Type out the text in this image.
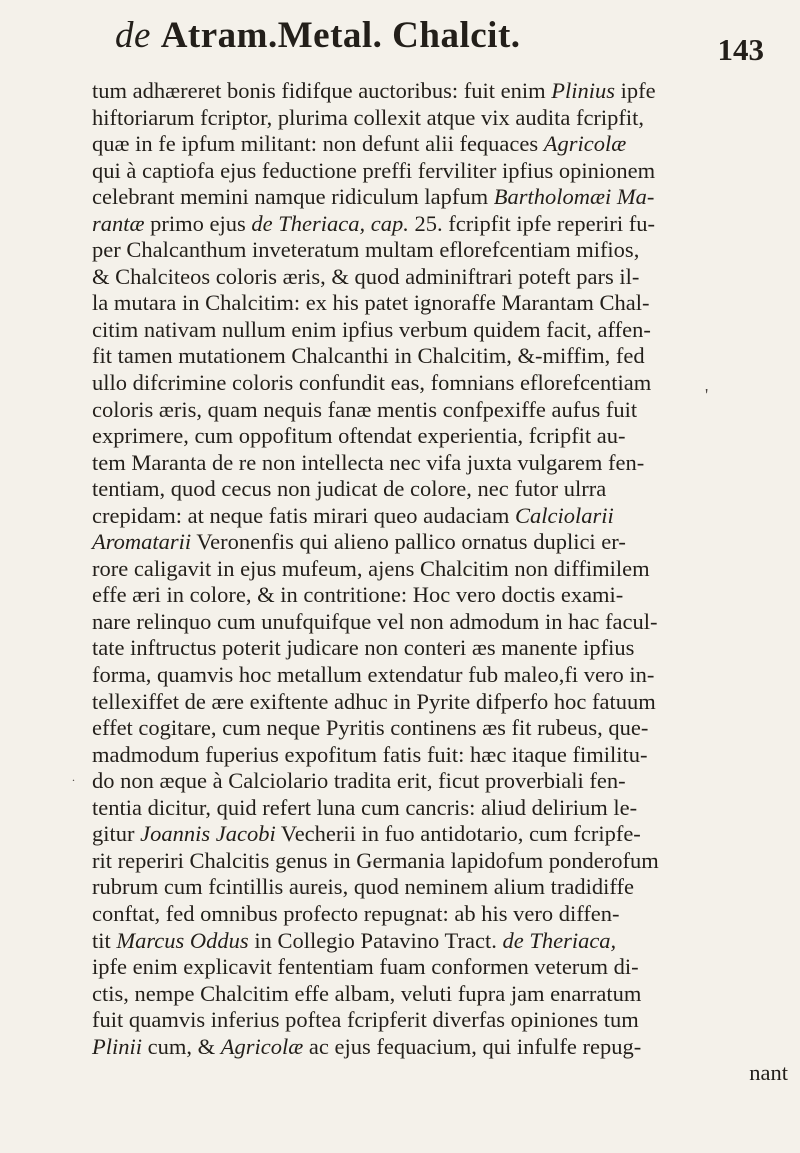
de Atram.Metal. Chalcit.	143
tum adhæreret bonis fidifque auctoribus: fuit enim Plinius ipfe
hiftoriarum fcriptor, plurima collexit atque vix audita fcripfit,
quæ in fe ipfum militant: non defunt alii fequaces Agricolæ
qui à captiofa ejus feductione preffi ferviliter ipfius opinionem
celebrant memini namque ridiculum lapfum Bartholomæi Ma-
rantæ primo ejus de Theriaca, cap. 25. fcripfit ipfe reperiri fu-
per Chalcanthum inveteratum multam eflorefcentiam mifios,
& Chalciteos coloris æris, & quod adminiftrari poteft pars il-
la mutara in Chalcitim: ex his patet ignoraffe Marantam Chal-
citim nativam nullum enim ipfius verbum quidem facit, affen-
fit tamen mutationem Chalcanthi in Chalcitim, &-miffim, fed
ullo difcrimine coloris confundit eas, fomnians eflorefcentiam
coloris æris, quam nequis fanæ mentis confpexiffe aufus fuit
exprimere, cum oppofitum oftendat experientia, fcripfit au-
tem Maranta de re non intellecta nec vifa juxta vulgarem fen-
tentiam, quod cecus non judicat de colore, nec futor ulrra
crepidam: at neque fatis mirari queo audaciam Calciolarii
Aromatarii Veronenfis qui alieno pallico ornatus duplici er-
rore caligavit in ejus mufeum, ajens Chalcitim non diffimilem
effe æri in colore, & in contritione: Hoc vero doctis exami-
nare relinquo cum unufquifque vel non admodum in hac facul-
tate inftructus poterit judicare non conteri æs manente ipfius
forma, quamvis hoc metallum extendatur fub maleo,fi vero in-
tellexiffet de ære exiftente adhuc in Pyrite difperfo hoc fatuum
effet cogitare, cum neque Pyritis continens æs fit rubeus, que-
madmodum fuperius expofitum fatis fuit: hæc itaque fimilitu-
do non æque à Calciolario tradita erit, ficut proverbiali fen-
tentia dicitur, quid refert luna cum cancris: aliud delirium le-
gitur Joannis Jacobi Vecherii in fuo antidotario, cum fcripfe-
rit reperiri Chalcitis genus in Germania lapidofum ponderofum
rubrum cum fcintillis aureis, quod neminem alium tradidiffe
conftat, fed omnibus profecto repugnat: ab his vero diffen-
tit Marcus Oddus in Collegio Patavino Tract. de Theriaca,
ipfe enim explicavit fententiam fuam conformen veterum di-
ctis, nempe Chalcitim effe albam, veluti fupra jam enarratum
fuit quamvis inferius poftea fcripferit diverfas opiniones tum
Plinii cum, & Agricolæ ac ejus fequacium, qui infulfe repug-
nant
'
.
